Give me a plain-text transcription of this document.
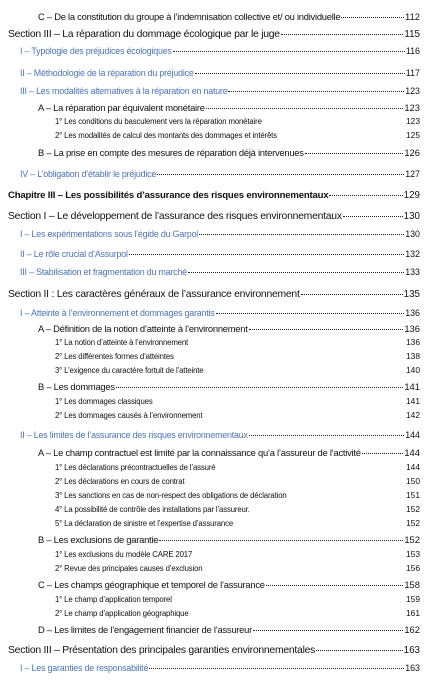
C – De la constitution du groupe à l’indemnisation collective et/ ou individuelle	112
Section III – La réparation du dommage écologique par le juge	115
I – Typologie des préjudices écologiques	116
II – Méthodologie de la réparation du préjudice	117
III – Les modalités alternatives à la réparation en nature	123
A – La réparation par équivalent monétaire	123
1° Les conditions du basculement vers la réparation monétaire	123
2° Les modalités de calcul des montants des dommages et intérêts	125
B – La prise en compte des mesures de réparation déjà intervenues	126
IV – L’obligation d’établir le préjudice	127
Chapitre III – Les possibilités d’assurance des risques environnementaux	129
Section I – Le développement de l’assurance des risques environnementaux	130
I – Les expérimentations sous l’égide du Garpol	130
II – Le rôle crucial d’Assurpol	132
III – Stabilisation et fragmentation du marché	133
Section II : Les caractères généraux de l’assurance environnement	135
I – Atteinte à l’environnement et dommages garantis	136
A – Définition de la notion d’atteinte à l’environnement	136
1° La notion d’atteinte à l’environnement	136
2° Les différentes formes d’atteintes	138
3° L’exigence du caractère fortuit de l’atteinte	140
B – Les dommages	141
1° Les dommages classiques	141
2° Les dommages causés à l’environnement	142
II – Les limites de l’assurance des risques environnementaux	144
A – Le champ contractuel est limité par la connaissance qu’a l’assureur de l’activité	144
1° Les déclarations précontractuelles de l’assuré	144
2° Les déclarations en cours de contrat	150
3° Les sanctions en cas de non-respect des obligations de déclaration	151
4° La possibilité de contrôle des installations par l’assureur.	152
5° La déclaration de sinistre et l’expertise d’assurance	152
B – Les exclusions de garantie	152
1° Les exclusions du modèle CARE 2017	153
2° Revue des principales causes d’exclusion	156
C – Les champs géographique et temporel de l’assurance	158
1° Le champ d’application temporel	159
2° Le champ d’application géographique	161
D – Les limites de l’engagement financier de l’assureur	162
Section III – Présentation des principales garanties environnementales	163
I – Les garanties de responsabilité	163
